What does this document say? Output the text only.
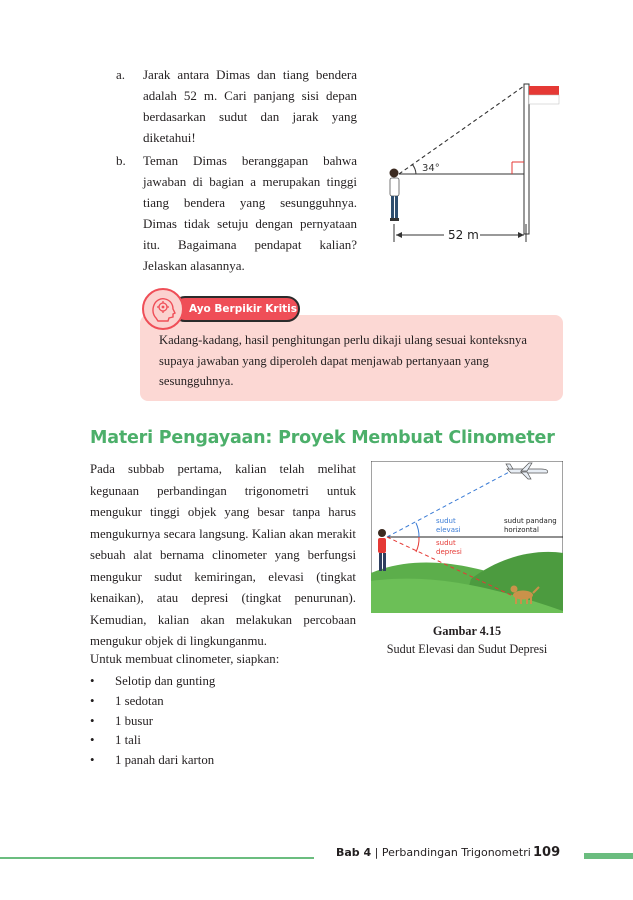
a. Jarak antara Dimas dan tiang bendera adalah 52 m. Cari panjang sisi depan berdasarkan sudut dan jarak yang diketahui!
b. Teman Dimas beranggapan bahwa jawaban di bagian a merupakan tinggi tiang bendera yang sesungguhnya. Dimas tidak setuju dengan pernyataan itu. Bagaimana pendapat kalian? Jelaskan alasannya.
34°
52 m
Ayo Berpikir Kritis
Kadang-kadang, hasil penghitungan perlu dikaji ulang sesuai konteksnya supaya jawaban yang diperoleh dapat menjawab pertanyaan yang sesungguhnya.
Materi Pengayaan: Proyek Membuat Clinometer
Pada subbab pertama, kalian telah melihat kegunaan perbandingan trigonometri untuk mengukur tinggi objek yang besar tanpa harus mengukurnya secara langsung. Kalian akan merakit sebuah alat bernama clinometer yang berfungsi mengukur sudut kemiringan, elevasi (tingkat kenaikan), atau depresi (tingkat penurunan). Kemudian, kalian akan melakukan percobaan mengukur objek di lingkunganmu.
sudut
elevasi
sudut
depresi
sudut pandang
horizontal
Gambar 4.15
Sudut Elevasi dan Sudut Depresi
Untuk membuat clinometer, siapkan:
• Selotip dan gunting
• 1 sedotan
• 1 busur
• 1 tali
• 1 panah dari karton
Bab 4 | Perbandingan Trigonometri 109
